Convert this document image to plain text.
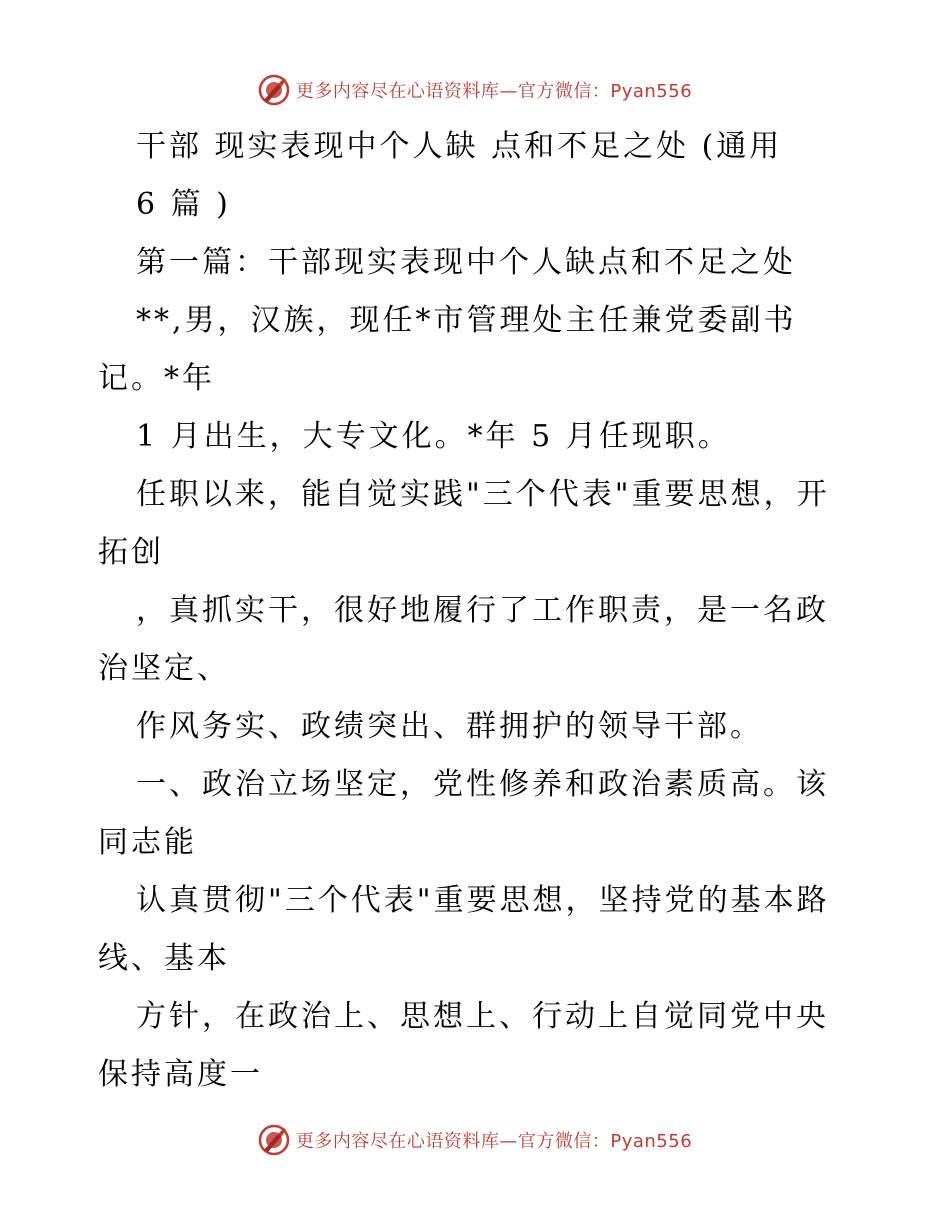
更多内容尽在心语资料库—官方微信：Pyan556
干部 现实表现中个人缺 点和不足之处 (通用
6 篇 )
第一篇：干部现实表现中个人缺点和不足之处
**,男，汉族，现任*市管理处主任兼党委副书
记。*年
1 月出生，大专文化。*年 5 月任现职。
任职以来，能自觉实践"三个代表"重要思想，开
拓创
，真抓实干，很好地履行了工作职责，是一名政
治坚定、
作风务实、政绩突出、群拥护的领导干部。
一、政治立场坚定，党性修养和政治素质高。该
同志能
认真贯彻"三个代表"重要思想，坚持党的基本路
线、基本
方针，在政治上、思想上、行动上自觉同党中央
保持高度一
更多内容尽在心语资料库—官方微信：Pyan556
